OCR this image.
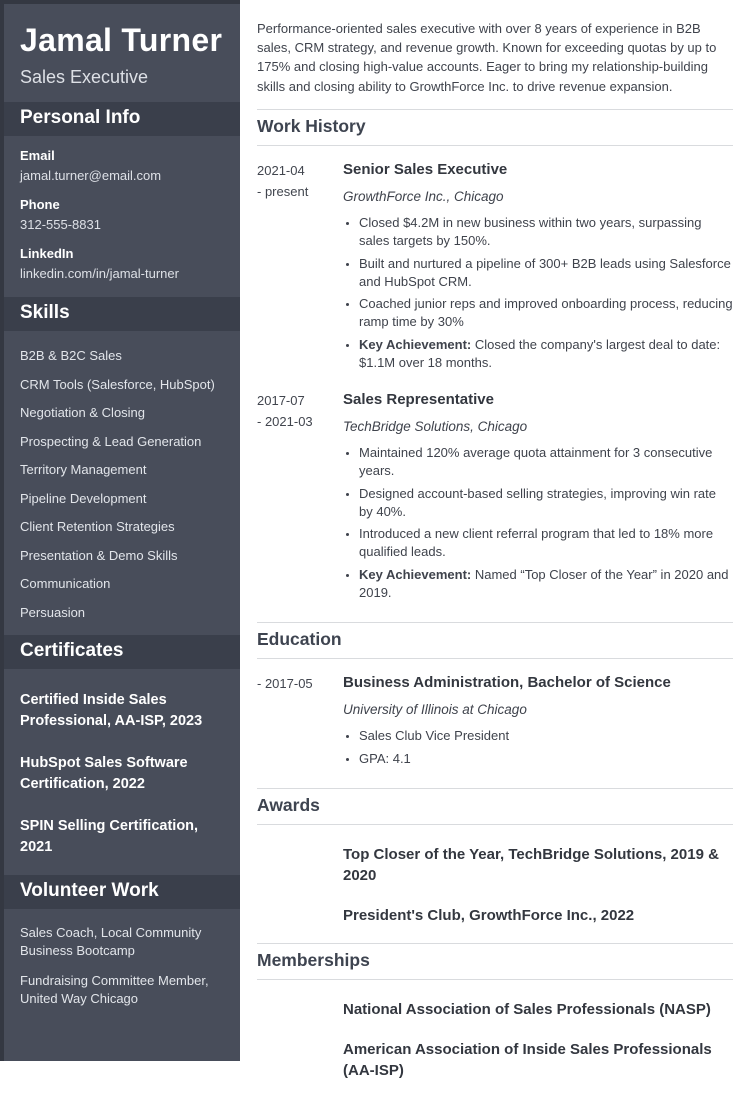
Jamal Turner
Sales Executive
Personal Info
Email
jamal.turner@email.com
Phone
312-555-8831
LinkedIn
linkedin.com/in/jamal-turner
Skills
B2B & B2C Sales
CRM Tools (Salesforce, HubSpot)
Negotiation & Closing
Prospecting & Lead Generation
Territory Management
Pipeline Development
Client Retention Strategies
Presentation & Demo Skills
Communication
Persuasion
Certificates
Certified Inside Sales Professional, AA-ISP, 2023
HubSpot Sales Software Certification, 2022
SPIN Selling Certification, 2021
Volunteer Work
Sales Coach, Local Community Business Bootcamp
Fundraising Committee Member, United Way Chicago

Performance-oriented sales executive with over 8 years of experience in B2B sales, CRM strategy, and revenue growth. Known for exceeding quotas by up to 175% and closing high-value accounts. Eager to bring my relationship-building skills and closing ability to GrowthForce Inc. to drive revenue expansion.

Work History
2021-04
- present
Senior Sales Executive
GrowthForce Inc., Chicago
• Closed $4.2M in new business within two years, surpassing sales targets by 150%.
• Built and nurtured a pipeline of 300+ B2B leads using Salesforce and HubSpot CRM.
• Coached junior reps and improved onboarding process, reducing ramp time by 30%
• Key Achievement: Closed the company's largest deal to date: $1.1M over 18 months.
2017-07
- 2021-03
Sales Representative
TechBridge Solutions, Chicago
• Maintained 120% average quota attainment for 3 consecutive years.
• Designed account-based selling strategies, improving win rate by 40%.
• Introduced a new client referral program that led to 18% more qualified leads.
• Key Achievement: Named “Top Closer of the Year” in 2020 and 2019.
Education
- 2017-05	Business Administration, Bachelor of Science
University of Illinois at Chicago
• Sales Club Vice President
• GPA: 4.1
Awards
Top Closer of the Year, TechBridge Solutions, 2019 & 2020
President's Club, GrowthForce Inc., 2022
Memberships
National Association of Sales Professionals (NASP)
American Association of Inside Sales Professionals (AA-ISP)
